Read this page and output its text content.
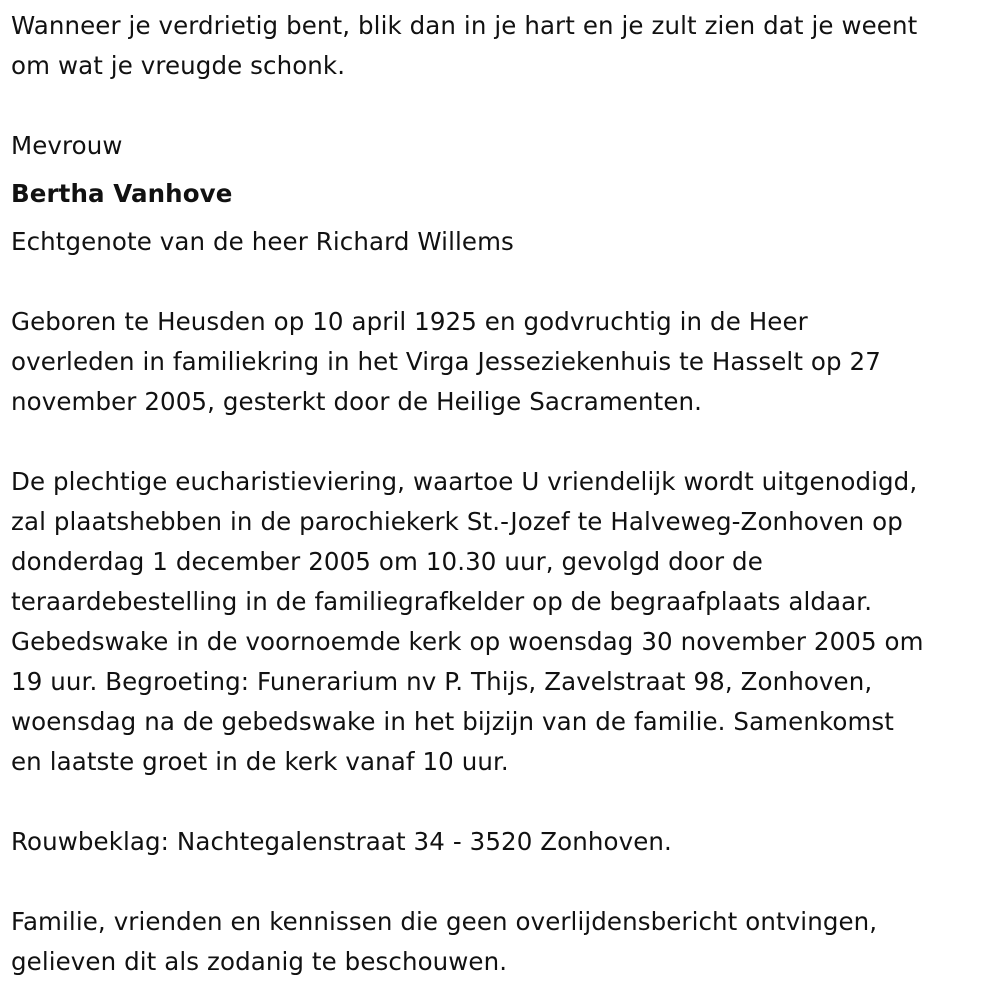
Wanneer je verdrietig bent, blik dan in je hart en je zult zien dat je weent
om wat je vreugde schonk.
Mevrouw
Bertha Vanhove
Echtgenote van de heer Richard Willems
Geboren te Heusden op 10 april 1925 en godvruchtig in de Heer
overleden in familiekring in het Virga Jesseziekenhuis te Hasselt op 27
november 2005, gesterkt door de Heilige Sacramenten.
De plechtige eucharistieviering, waartoe U vriendelijk wordt uitgenodigd,
zal plaatshebben in de parochiekerk St.-Jozef te Halveweg-Zonhoven op
donderdag 1 december 2005 om 10.30 uur, gevolgd door de
teraardebestelling in de familiegrafkelder op de begraafplaats aldaar.
Gebedswake in de voornoemde kerk op woensdag 30 november 2005 om
19 uur. Begroeting: Funerarium nv P. Thijs, Zavelstraat 98, Zonhoven,
woensdag na de gebedswake in het bijzijn van de familie. Samenkomst
en laatste groet in de kerk vanaf 10 uur.
Rouwbeklag: Nachtegalenstraat 34 - 3520 Zonhoven.
Familie, vrienden en kennissen die geen overlijdensbericht ontvingen,
gelieven dit als zodanig te beschouwen.
